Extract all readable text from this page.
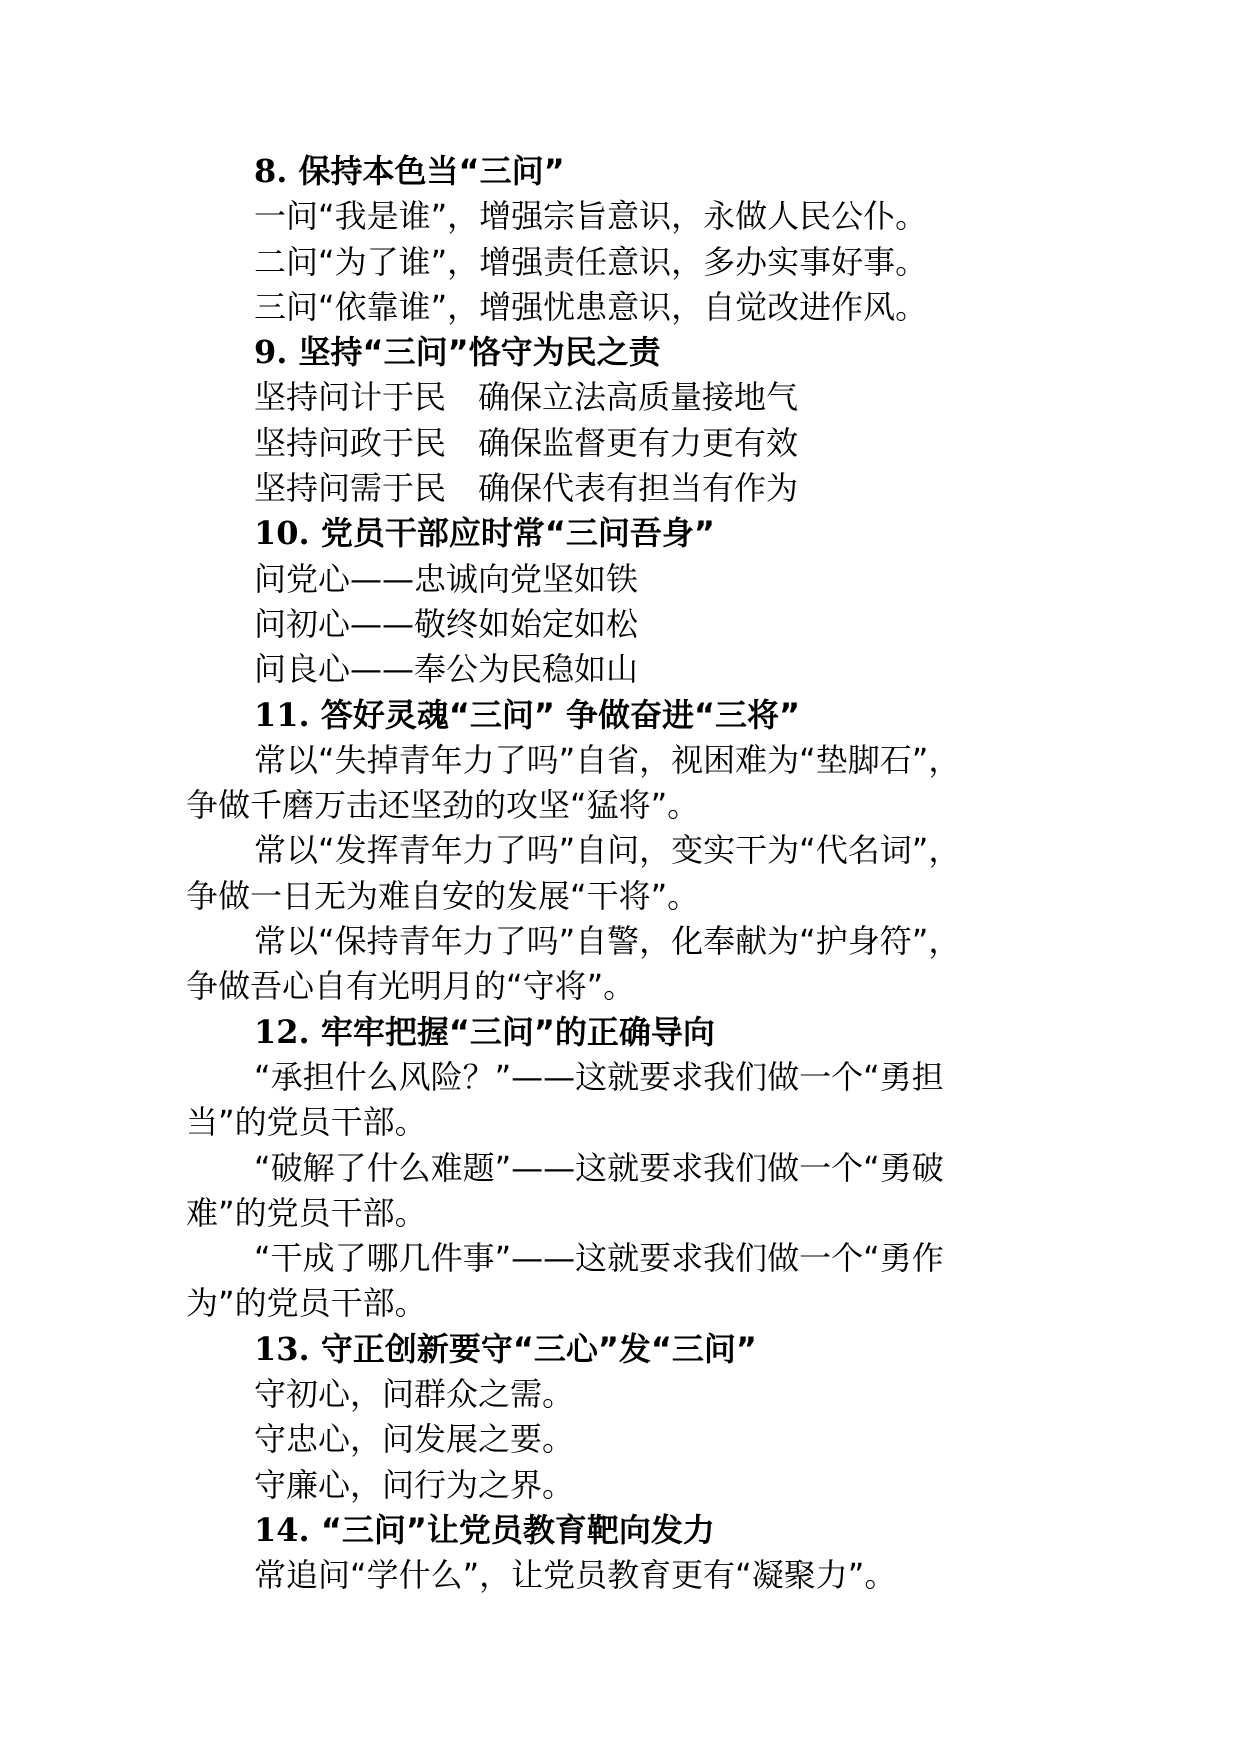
8. 保持本色当“三问”
一问“我是谁”，增强宗旨意识，永做人民公仆。
二问“为了谁”，增强责任意识，多办实事好事。
三问“依靠谁”，增强忧患意识，自觉改进作风。
9. 坚持“三问”恪守为民之责
坚持问计于民 确保立法高质量接地气
坚持问政于民 确保监督更有力更有效
坚持问需于民 确保代表有担当有作为
10. 党员干部应时常“三问吾身”
问党心——忠诚向党坚如铁
问初心——敬终如始定如松
问良心——奉公为民稳如山
11. 答好灵魂“三问” 争做奋进“三将”
常以“失掉青年力了吗”自省，视困难为“垫脚石”，
争做千磨万击还坚劲的攻坚“猛将”。
常以“发挥青年力了吗”自问，变实干为“代名词”，
争做一日无为难自安的发展“干将”。
常以“保持青年力了吗”自警，化奉献为“护身符”，
争做吾心自有光明月的“守将”。
12. 牢牢把握“三问”的正确导向
“承担什么风险？”——这就要求我们做一个“勇担
当”的党员干部。
“破解了什么难题”——这就要求我们做一个“勇破
难”的党员干部。
“干成了哪几件事”——这就要求我们做一个“勇作
为”的党员干部。
13. 守正创新要守“三心”发“三问”
守初心，问群众之需。
守忠心，问发展之要。
守廉心，问行为之界。
14. “三问”让党员教育靶向发力
常追问“学什么”，让党员教育更有“凝聚力”。
